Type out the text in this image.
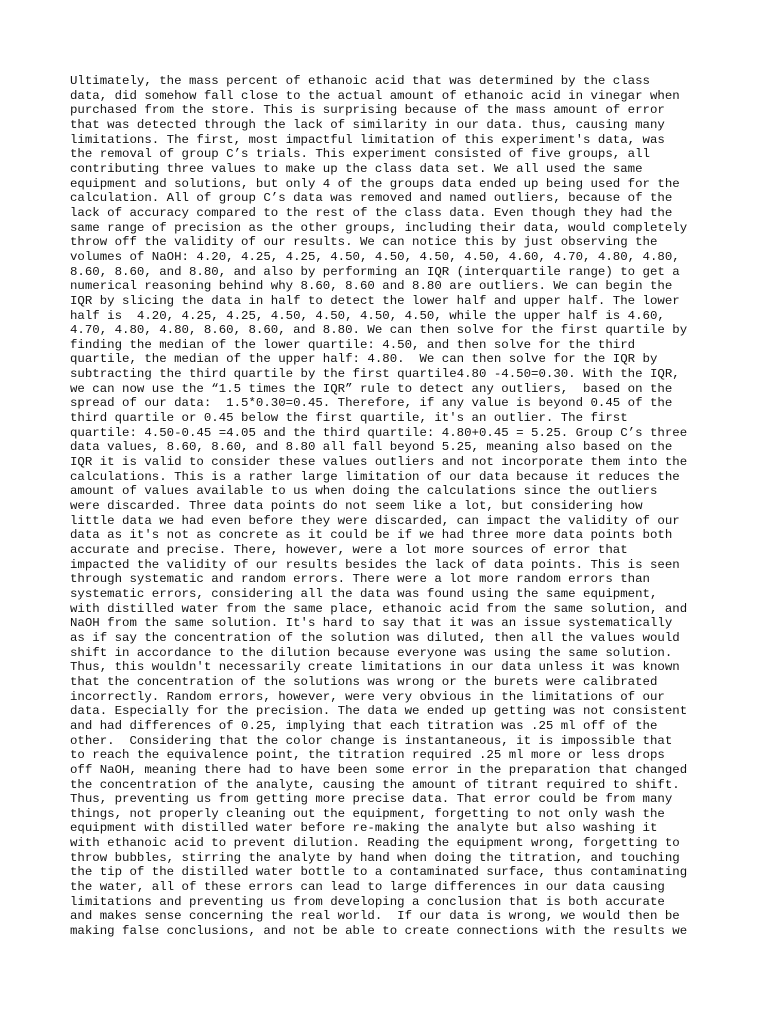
Ultimately, the mass percent of ethanoic acid that was determined by the class
data, did somehow fall close to the actual amount of ethanoic acid in vinegar when
purchased from the store. This is surprising because of the mass amount of error
that was detected through the lack of similarity in our data. thus, causing many
limitations. The first, most impactful limitation of this experiment's data, was
the removal of group C’s trials. This experiment consisted of five groups, all
contributing three values to make up the class data set. We all used the same
equipment and solutions, but only 4 of the groups data ended up being used for the
calculation. All of group C’s data was removed and named outliers, because of the
lack of accuracy compared to the rest of the class data. Even though they had the
same range of precision as the other groups, including their data, would completely
throw off the validity of our results. We can notice this by just observing the
volumes of NaOH: 4.20, 4.25, 4.25, 4.50, 4.50, 4.50, 4.50, 4.60, 4.70, 4.80, 4.80,
8.60, 8.60, and 8.80, and also by performing an IQR (interquartile range) to get a
numerical reasoning behind why 8.60, 8.60 and 8.80 are outliers. We can begin the
IQR by slicing the data in half to detect the lower half and upper half. The lower
half is  4.20, 4.25, 4.25, 4.50, 4.50, 4.50, 4.50, while the upper half is 4.60,
4.70, 4.80, 4.80, 8.60, 8.60, and 8.80. We can then solve for the first quartile by
finding the median of the lower quartile: 4.50, and then solve for the third
quartile, the median of the upper half: 4.80.  We can then solve for the IQR by
subtracting the third quartile by the first quartile4.80 -4.50=0.30. With the IQR,
we can now use the “1.5 times the IQR” rule to detect any outliers,  based on the
spread of our data:  1.5*0.30=0.45. Therefore, if any value is beyond 0.45 of the
third quartile or 0.45 below the first quartile, it's an outlier. The first
quartile: 4.50-0.45 =4.05 and the third quartile: 4.80+0.45 = 5.25. Group C’s three
data values, 8.60, 8.60, and 8.80 all fall beyond 5.25, meaning also based on the
IQR it is valid to consider these values outliers and not incorporate them into the
calculations. This is a rather large limitation of our data because it reduces the
amount of values available to us when doing the calculations since the outliers
were discarded. Three data points do not seem like a lot, but considering how
little data we had even before they were discarded, can impact the validity of our
data as it's not as concrete as it could be if we had three more data points both
accurate and precise. There, however, were a lot more sources of error that
impacted the validity of our results besides the lack of data points. This is seen
through systematic and random errors. There were a lot more random errors than
systematic errors, considering all the data was found using the same equipment,
with distilled water from the same place, ethanoic acid from the same solution, and
NaOH from the same solution. It's hard to say that it was an issue systematically
as if say the concentration of the solution was diluted, then all the values would
shift in accordance to the dilution because everyone was using the same solution.
Thus, this wouldn't necessarily create limitations in our data unless it was known
that the concentration of the solutions was wrong or the burets were calibrated
incorrectly. Random errors, however, were very obvious in the limitations of our
data. Especially for the precision. The data we ended up getting was not consistent
and had differences of 0.25, implying that each titration was .25 ml off of the
other.  Considering that the color change is instantaneous, it is impossible that
to reach the equivalence point, the titration required .25 ml more or less drops
off NaOH, meaning there had to have been some error in the preparation that changed
the concentration of the analyte, causing the amount of titrant required to shift.
Thus, preventing us from getting more precise data. That error could be from many
things, not properly cleaning out the equipment, forgetting to not only wash the
equipment with distilled water before re-making the analyte but also washing it
with ethanoic acid to prevent dilution. Reading the equipment wrong, forgetting to
throw bubbles, stirring the analyte by hand when doing the titration, and touching
the tip of the distilled water bottle to a contaminated surface, thus contaminating
the water, all of these errors can lead to large differences in our data causing
limitations and preventing us from developing a conclusion that is both accurate
and makes sense concerning the real world.  If our data is wrong, we would then be
making false conclusions, and not be able to create connections with the results we
